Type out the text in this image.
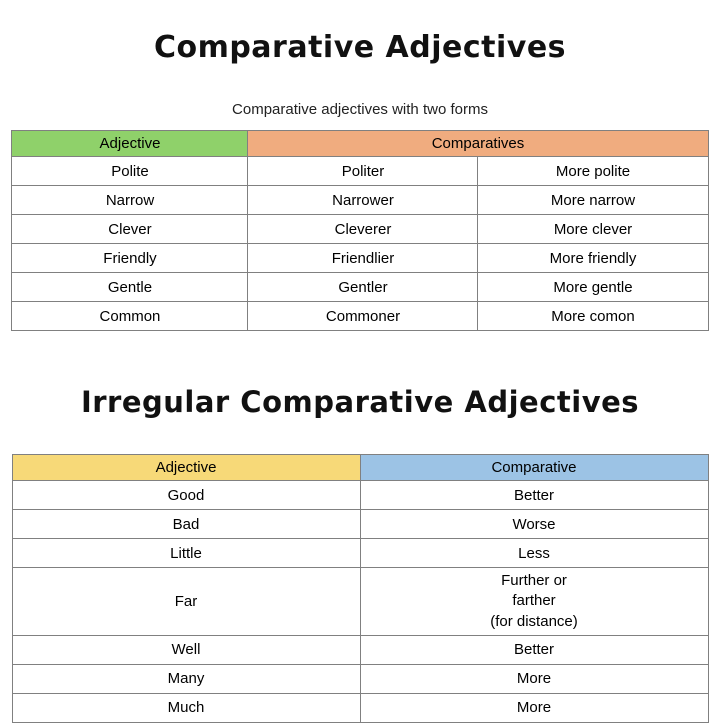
Comparative Adjectives
Comparative adjectives with two forms
Adjective	Comparatives	
Polite	Politer	More polite
Narrow	Narrower	More narrow
Clever	Cleverer	More clever
Friendly	Friendlier	More friendly
Gentle	Gentler	More gentle
Common	Commoner	More comon
Irregular Comparative Adjectives
Adjective	Comparative
Good	Better
Bad	Worse
Little	Less
Far	Further or
farther
(for distance)
Well	Better
Many	More
Much	More
